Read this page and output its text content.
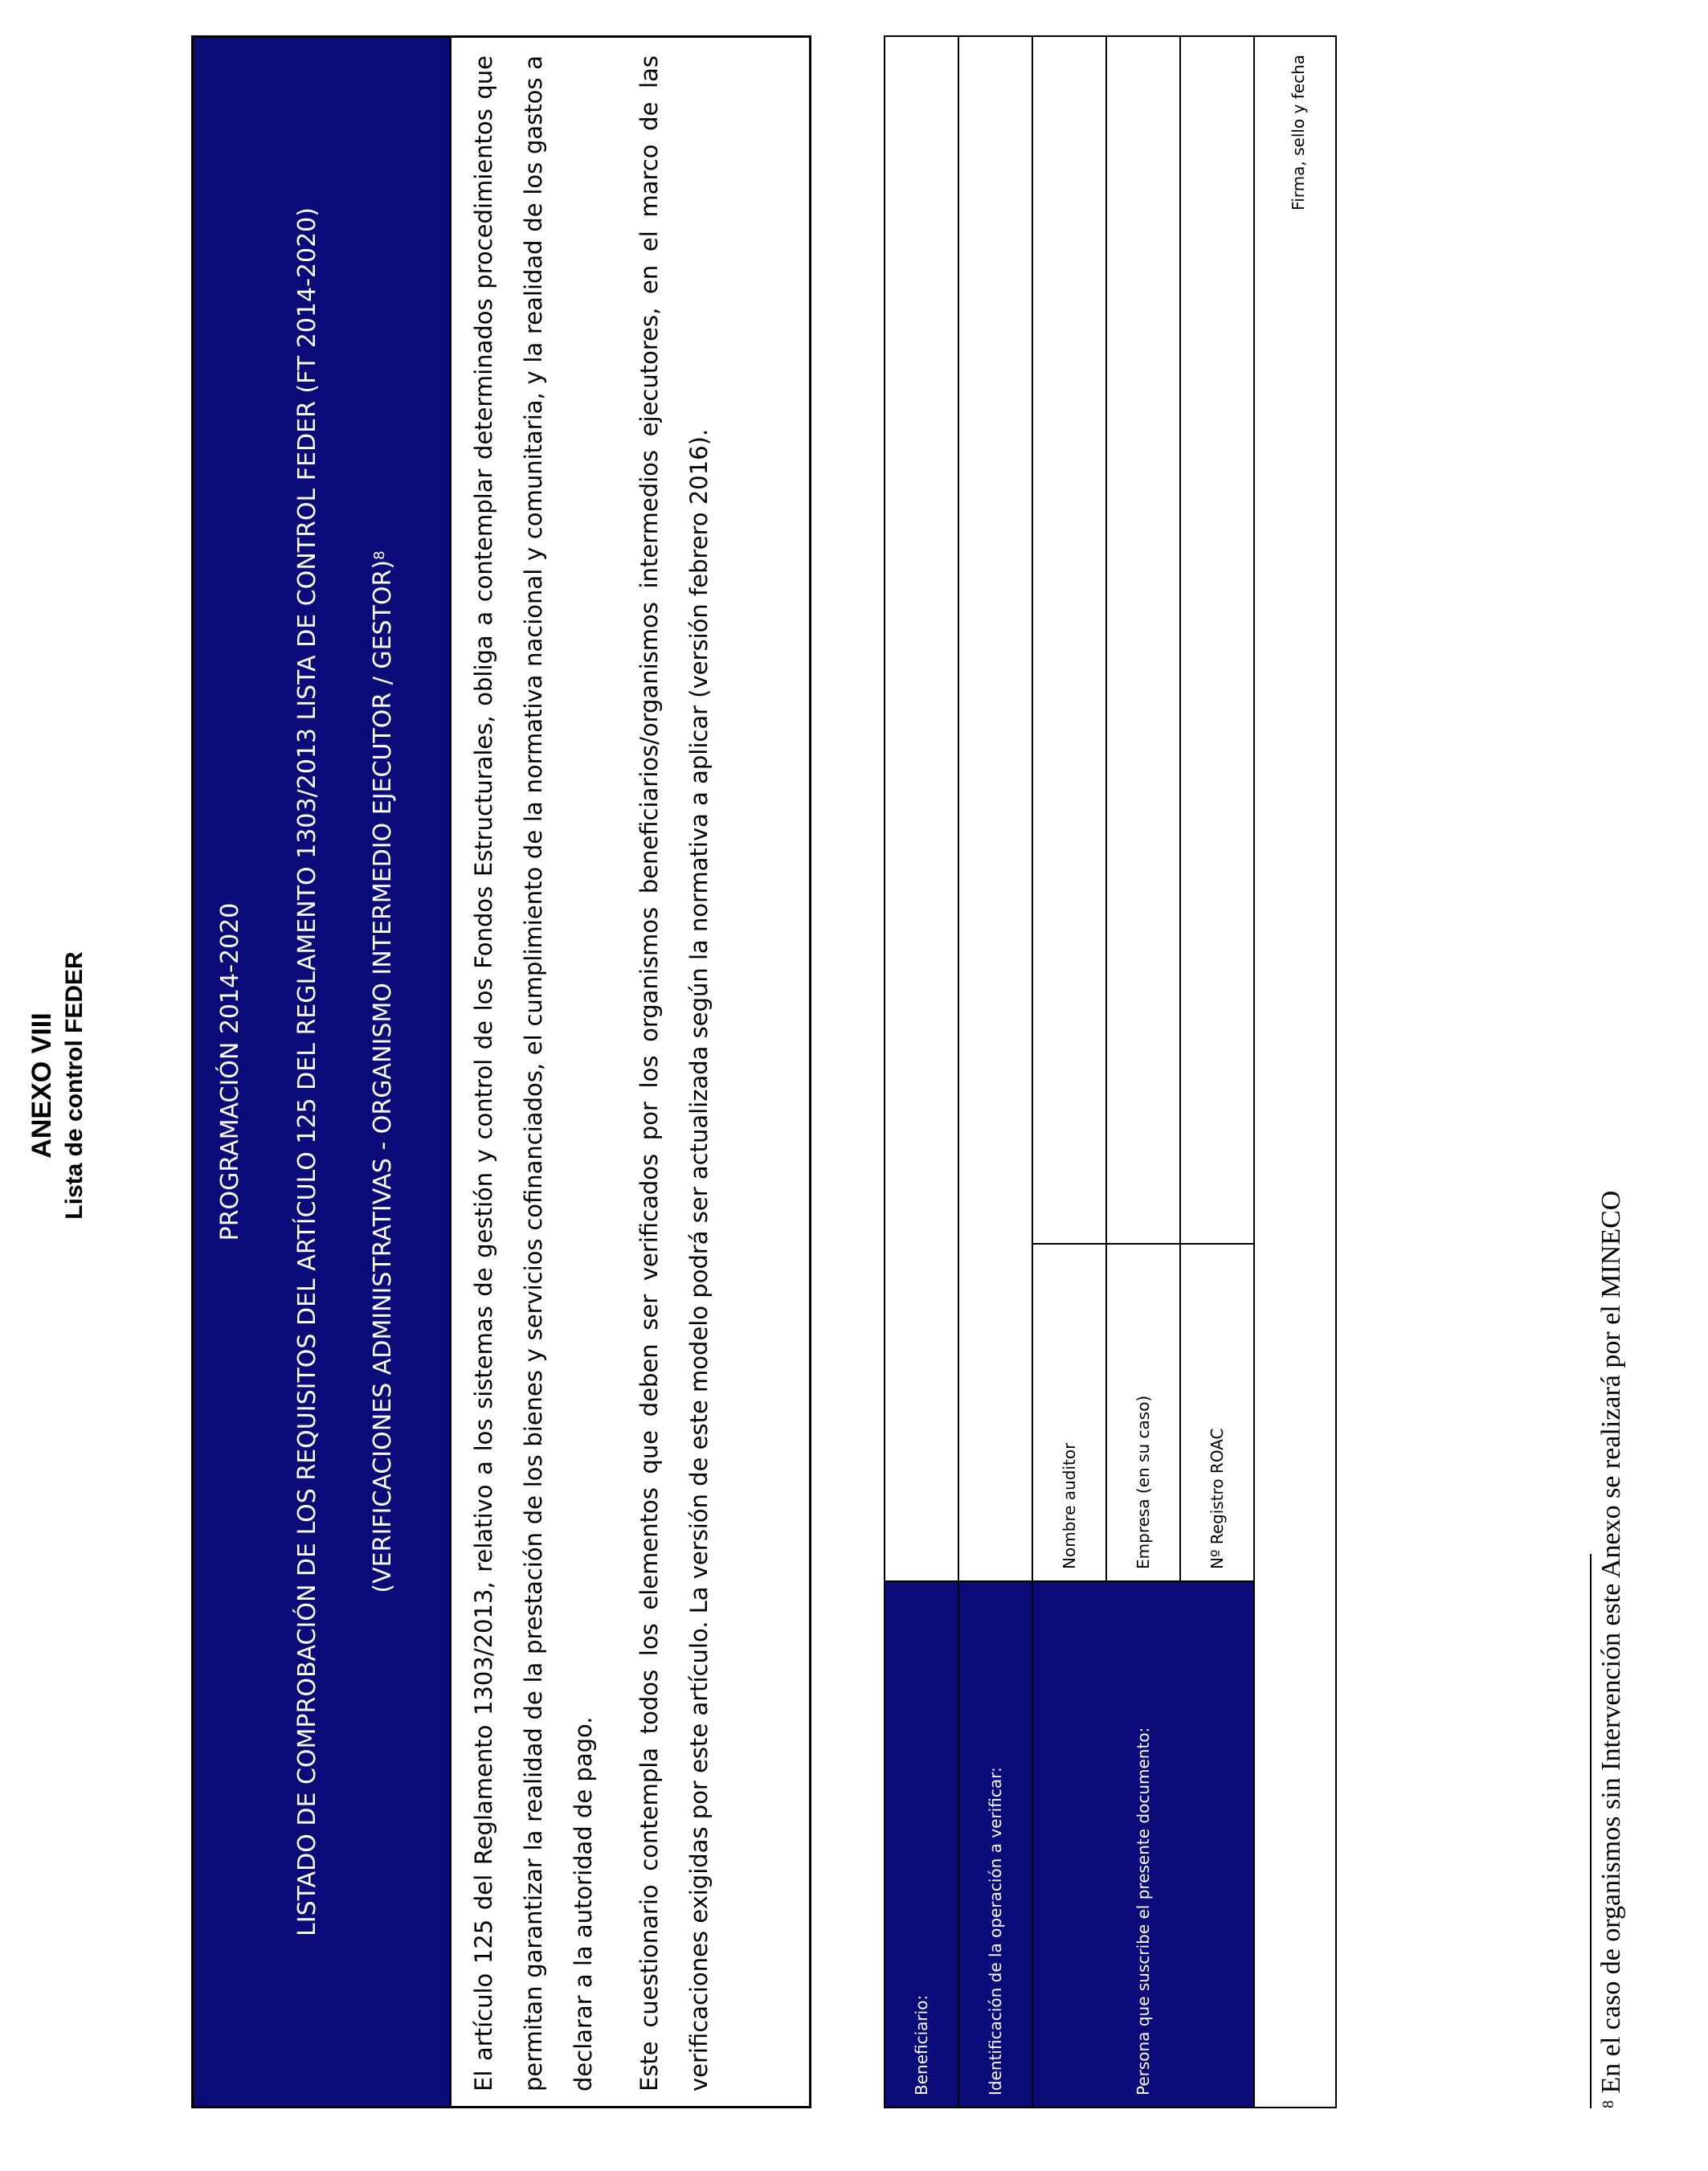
ANEXO VIII Lista de control FEDER	PROGRAMACIÓN 2014-2020 LISTADO DE COMPROBACIÓN DE LOS REQUISITOS DEL ARTÍCULO 125 DEL REGLAMENTO 1303/2013 LISTA DE CONTROL FEDER (FT 2014-2020) (VERIFICACIONES ADMINISTRATIVAS - ORGANISMO INTERMEDIO EJECUTOR / GESTOR)$^8$	El artículo 125 del Reglamento 1303/2013, relativo a los sistemas de gestión y control de los Fondos Estructurales, obliga a contemplar determinados procedimientos que permitan garantizar la realidad de la prestación de los bienes y servicios cofinanciados, el cumplimiento de la normativa nacional y comunitaria, y la realidad de los gastos a declarar a la autoridad de pago.	Este cuestionario contempla todos los elementos que deben ser verificados por los organismos beneficiarios/organismos intermedios ejecutores, en el marco de las verificaciones exigidas por este artículo. La versión de este modelo podrá ser actualizada según la normativa a aplicar (versión febrero 2016).	Beneficiario:		
Identificación de la operación a verificar:		
Persona que suscribe el presente documento:	Nombre auditor	
	Empresa (en su caso)	
	Nº Registro ROAC	
Firma, sello y fecha		
$^8$ En el caso de organismos sin Intervención este Anexo se realizará por el MINECO
